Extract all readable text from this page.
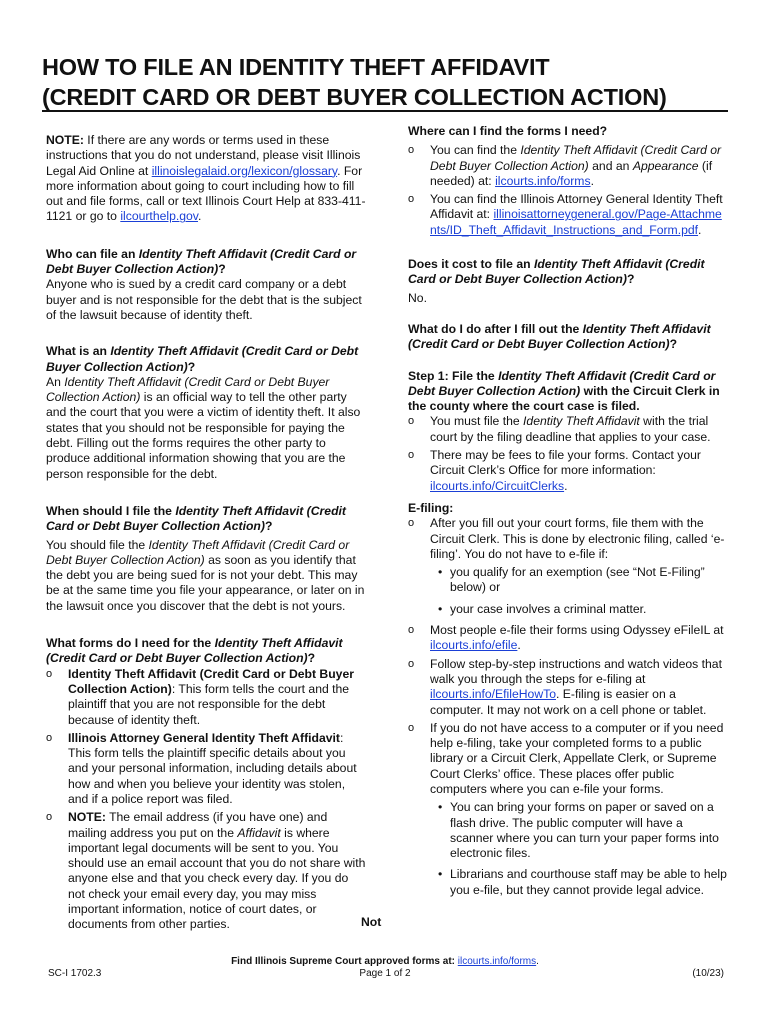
HOW TO FILE AN IDENTITY THEFT AFFIDAVIT
(CREDIT CARD OR DEBT BUYER COLLECTION ACTION)

NOTE: If there are any words or terms used in these instructions that you do not understand, please visit Illinois Legal Aid Online at illinoislegalaid.org/lexicon/glossary. For more information about going to court including how to fill out and file forms, call or text Illinois Court Help at 833-411-1121 or go to ilcourthelp.gov.

Who can file an Identity Theft Affidavit (Credit Card or Debt Buyer Collection Action)?

Anyone who is sued by a credit card company or a debt buyer and is not responsible for the debt that is the subject of the lawsuit because of identity theft.

What is an Identity Theft Affidavit (Credit Card or Debt Buyer Collection Action)?

An Identity Theft Affidavit (Credit Card or Debt Buyer Collection Action) is an official way to tell the other party and the court that you were a victim of identity theft. It also states that you should not be responsible for paying the debt. Filling out the forms requires the other party to produce additional information showing that you are the person responsible for the debt.

When should I file the Identity Theft Affidavit (Credit Card or Debt Buyer Collection Action)?

You should file the Identity Theft Affidavit (Credit Card or Debt Buyer Collection Action) as soon as you identify that the debt you are being sued for is not your debt. This may be at the same time you file your appearance, or later on in the lawsuit once you discover that the debt is not yours.

What forms do I need for the Identity Theft Affidavit (Credit Card or Debt Buyer Collection Action)?

o Identity Theft Affidavit (Credit Card or Debt Buyer Collection Action): This form tells the court and the plaintiff that you are not responsible for the debt because of identity theft.
o Illinois Attorney General Identity Theft Affidavit: This form tells the plaintiff specific details about you and your personal information, including details about how and when you believe your identity was stolen, and if a police report was filed.
o NOTE: The email address (if you have one) and mailing address you put on the Affidavit is where important legal documents will be sent to you. You should use an email account that you do not share with anyone else and that you check every day. If you do not check your email every day, you may miss important information, notice of court dates, or documents from other parties.	Not

Where can I find the forms I need?

o You can find the Identity Theft Affidavit (Credit Card or Debt Buyer Collection Action) and an Appearance (if needed) at: ilcourts.info/forms.
o You can find the Illinois Attorney General Identity Theft Affidavit at: illinoisattorneygeneral.gov/Page-Attachments/ID_Theft_Affidavit_Instructions_and_Form.pdf.

Does it cost to file an Identity Theft Affidavit (Credit Card or Debt Buyer Collection Action)?

No.

What do I do after I fill out the Identity Theft Affidavit (Credit Card or Debt Buyer Collection Action)?

Step 1: File the Identity Theft Affidavit (Credit Card or Debt Buyer Collection Action) with the Circuit Clerk in the county where the court case is filed.

o You must file the Identity Theft Affidavit with the trial court by the filing deadline that applies to your case.
o There may be fees to file your forms. Contact your Circuit Clerk’s Office for more information: ilcourts.info/CircuitClerks.

E-filing:

o After you fill out your court forms, file them with the Circuit Clerk. This is done by electronic filing, called ‘e-filing’. You do not have to e-file if:
• you qualify for an exemption (see “Not E-Filing” below) or
• your case involves a criminal matter.
o Most people e-file their forms using Odyssey eFileIL at ilcourts.info/efile.
o Follow step-by-step instructions and watch videos that walk you through the steps for e-filing at ilcourts.info/EfileHowTo. E-filing is easier on a computer. It may not work on a cell phone or tablet.
o If you do not have access to a computer or if you need help e-filing, take your completed forms to a public library or a Circuit Clerk, Appellate Clerk, or Supreme Court Clerks’ office. These places offer public computers where you can e-file your forms.
• You can bring your forms on paper or saved on a flash drive. The public computer will have a scanner where you can turn your paper forms into electronic files.
• Librarians and courthouse staff may be able to help you e-file, but they cannot provide legal advice.
Find Illinois Supreme Court approved forms at: ilcourts.info/forms.
Page 1 of 2
SC-I 1702.3	(10/23)
